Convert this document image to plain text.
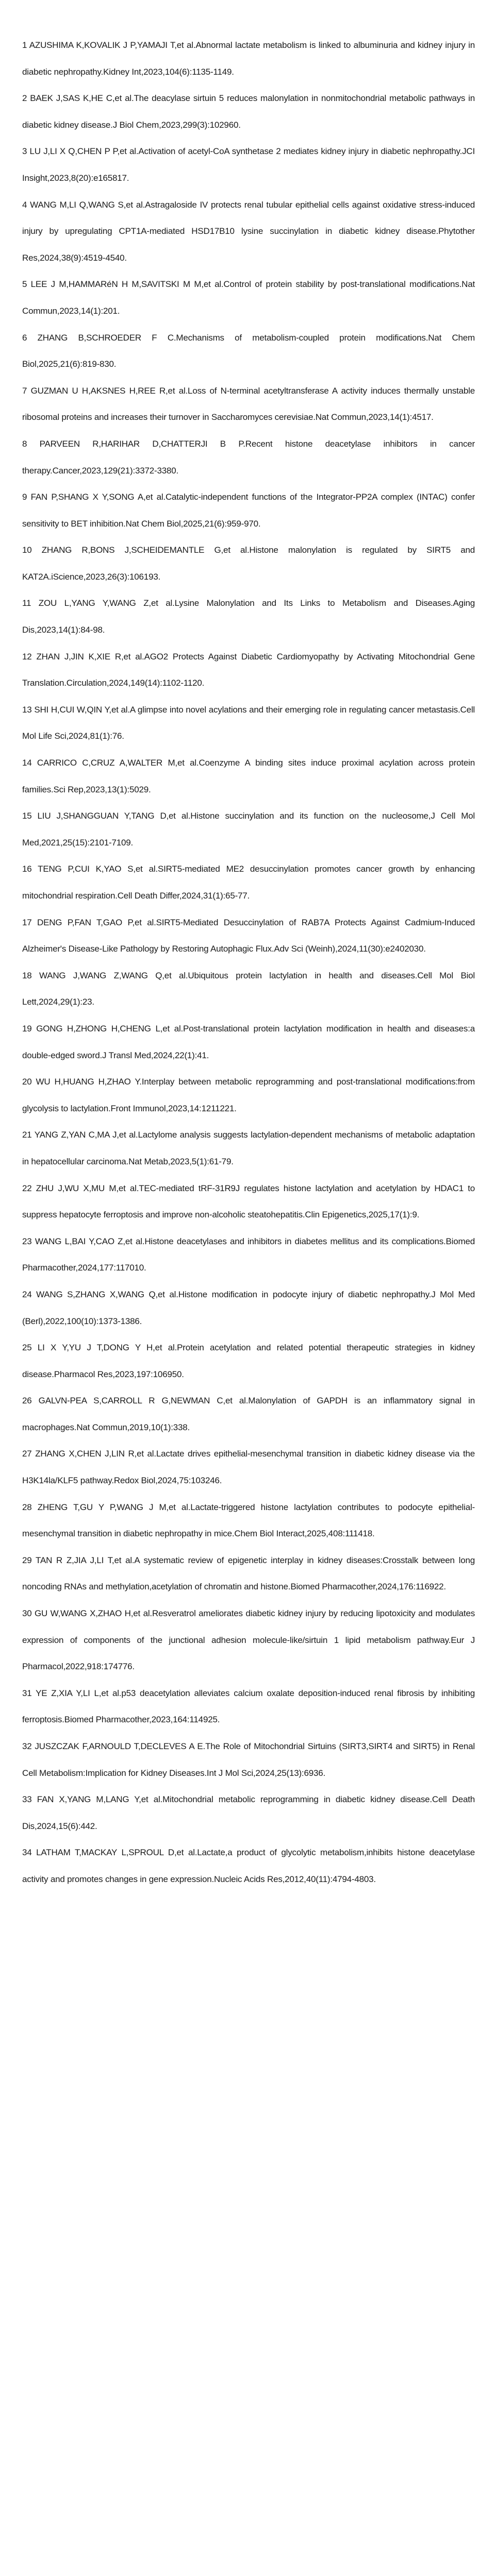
1 AZUSHIMA K,KOVALIK J P,YAMAJI T,et al.Abnormal lactate metabolism is linked to albuminuria and kidney injury in diabetic nephropathy.Kidney Int,2023,104(6):1135-1149.

2 BAEK J,SAS K,HE C,et al.The deacylase sirtuin 5 reduces malonylation in nonmitochondrial metabolic pathways in diabetic kidney disease.J Biol Chem,2023,299(3):102960.

3 LU J,LI X Q,CHEN P P,et al.Activation of acetyl-CoA synthetase 2 mediates kidney injury in diabetic nephropathy.JCI Insight,2023,8(20):e165817.

4 WANG M,LI Q,WANG S,et al.Astragaloside IV protects renal tubular epithelial cells against oxidative stress-induced injury by upregulating CPT1A-mediated HSD17B10 lysine succinylation in diabetic kidney disease.Phytother Res,2024,38(9):4519-4540.

5 LEE J M,HAMMARéN H M,SAVITSKI M M,et al.Control of protein stability by post-translational modifications.Nat Commun,2023,14(1):201.

6 ZHANG B,SCHROEDER F C.Mechanisms of metabolism-coupled protein modifications.Nat Chem Biol,2025,21(6):819-830.

7 GUZMAN U H,AKSNES H,REE R,et al.Loss of N-terminal acetyltransferase A activity induces thermally unstable ribosomal proteins and increases their turnover in Saccharomyces cerevisiae.Nat Commun,2023,14(1):4517.

8 PARVEEN R,HARIHAR D,CHATTERJI B P.Recent histone deacetylase inhibitors in cancer therapy.Cancer,2023,129(21):3372-3380.

9 FAN P,SHANG X Y,SONG A,et al.Catalytic-independent functions of the Integrator-PP2A complex (INTAC) confer sensitivity to BET inhibition.Nat Chem Biol,2025,21(6):959-970.

10 ZHANG R,BONS J,SCHEIDEMANTLE G,et al.Histone malonylation is regulated by SIRT5 and KAT2A.iScience,2023,26(3):106193.

11 ZOU L,YANG Y,WANG Z,et al.Lysine Malonylation and Its Links to Metabolism and Diseases.Aging Dis,2023,14(1):84-98.

12 ZHAN J,JIN K,XIE R,et al.AGO2 Protects Against Diabetic Cardiomyopathy by Activating Mitochondrial Gene Translation.Circulation,2024,149(14):1102-1120.

13 SHI H,CUI W,QIN Y,et al.A glimpse into novel acylations and their emerging role in regulating cancer metastasis.Cell Mol Life Sci,2024,81(1):76.

14 CARRICO C,CRUZ A,WALTER M,et al.Coenzyme A binding sites induce proximal acylation across protein families.Sci Rep,2023,13(1):5029.

15 LIU J,SHANGGUAN Y,TANG D,et al.Histone succinylation and its function on the nucleosome,J Cell Mol Med,2021,25(15):2101-7109.

16 TENG P,CUI K,YAO S,et al.SIRT5-mediated ME2 desuccinylation promotes cancer growth by enhancing mitochondrial respiration.Cell Death Differ,2024,31(1):65-77.

17 DENG P,FAN T,GAO P,et al.SIRT5-Mediated Desuccinylation of RAB7A Protects Against Cadmium-Induced Alzheimer's Disease-Like Pathology by Restoring Autophagic Flux.Adv Sci (Weinh),2024,11(30):e2402030.

18 WANG J,WANG Z,WANG Q,et al.Ubiquitous protein lactylation in health and diseases.Cell Mol Biol Lett,2024,29(1):23.

19 GONG H,ZHONG H,CHENG L,et al.Post-translational protein lactylation modification in health and diseases:a double-edged sword.J Transl Med,2024,22(1):41.

20 WU H,HUANG H,ZHAO Y.Interplay between metabolic reprogramming and post-translational modifications:from glycolysis to lactylation.Front Immunol,2023,14:1211221.

21 YANG Z,YAN C,MA J,et al.Lactylome analysis suggests lactylation-dependent mechanisms of metabolic adaptation in hepatocellular carcinoma.Nat Metab,2023,5(1):61-79.

22 ZHU J,WU X,MU M,et al.TEC-mediated tRF-31R9J regulates histone lactylation and acetylation by HDAC1 to suppress hepatocyte ferroptosis and improve non-alcoholic steatohepatitis.Clin Epigenetics,2025,17(1):9.

23 WANG L,BAI Y,CAO Z,et al.Histone deacetylases and inhibitors in diabetes mellitus and its complications.Biomed Pharmacother,2024,177:117010.

24 WANG S,ZHANG X,WANG Q,et al.Histone modification in podocyte injury of diabetic nephropathy.J Mol Med (Berl),2022,100(10):1373-1386.

25 LI X Y,YU J T,DONG Y H,et al.Protein acetylation and related potential therapeutic strategies in kidney disease.Pharmacol Res,2023,197:106950.

26 GALVN-PEA S,CARROLL R G,NEWMAN C,et al.Malonylation of GAPDH is an inflammatory signal in macrophages.Nat Commun,2019,10(1):338.

27 ZHANG X,CHEN J,LIN R,et al.Lactate drives epithelial-mesenchymal transition in diabetic kidney disease via the H3K14la/KLF5 pathway.Redox Biol,2024,75:103246.

28 ZHENG T,GU Y P,WANG J M,et al.Lactate-triggered histone lactylation contributes to podocyte epithelial-mesenchymal transition in diabetic nephropathy in mice.Chem Biol Interact,2025,408:111418.

29 TAN R Z,JIA J,LI T,et al.A systematic review of epigenetic interplay in kidney diseases:Crosstalk between long noncoding RNAs and methylation,acetylation of chromatin and histone.Biomed Pharmacother,2024,176:116922.

30 GU W,WANG X,ZHAO H,et al.Resveratrol ameliorates diabetic kidney injury by reducing lipotoxicity and modulates expression of components of the junctional adhesion molecule-like/sirtuin 1 lipid metabolism pathway.Eur J Pharmacol,2022,918:174776.

31 YE Z,XIA Y,LI L,et al.p53 deacetylation alleviates calcium oxalate deposition-induced renal fibrosis by inhibiting ferroptosis.Biomed Pharmacother,2023,164:114925.

32 JUSZCZAK F,ARNOULD T,DECLEVES A E.The Role of Mitochondrial Sirtuins (SIRT3,SIRT4 and SIRT5) in Renal Cell Metabolism:Implication for Kidney Diseases.Int J Mol Sci,2024,25(13):6936.

33 FAN X,YANG M,LANG Y,et al.Mitochondrial metabolic reprogramming in diabetic kidney disease.Cell Death Dis,2024,15(6):442.

34 LATHAM T,MACKAY L,SPROUL D,et al.Lactate,a product of glycolytic metabolism,inhibits histone deacetylase activity and promotes changes in gene expression.Nucleic Acids Res,2012,40(11):4794-4803.
